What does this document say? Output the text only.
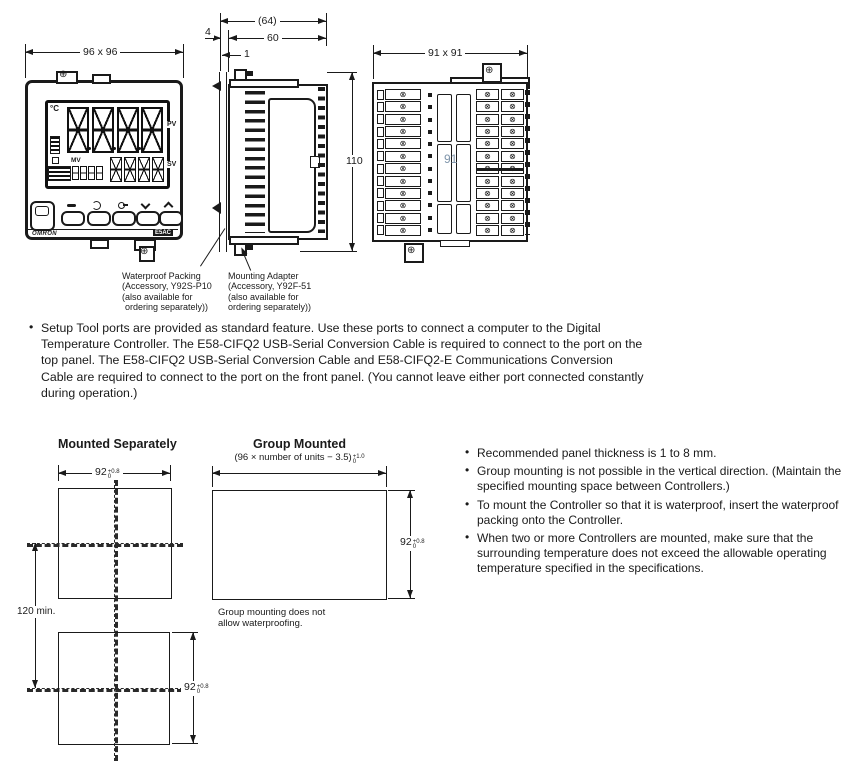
96 x 96
⊕
⊕
°C
PV
SV
MV
OMRON	E5AC
(64)
60
4
1
110
91 x 91
⊕
⊗
⊗
⊗
⊗
⊗
⊗
⊗
⊗
⊗
⊗
⊗
⊗
91
⊗
⊗
⊗
⊗
⊗
⊗
⊗
⊗
⊗
⊗
⊗
⊗
⊗
⊗
⊗
⊗
⊗
⊗
⊗
⊗
⊗
⊗
⊕
Waterproof Packing
(Accessory, Y92S-P10
(also available for
ordering separately))
Mounting Adapter
(Accessory, Y92F-51
(also available for
ordering separately))
• Setup Tool ports are provided as standard feature. Use these ports to connect a computer to the Digital Temperature Controller. The E58-CIFQ2 USB-Serial Conversion Cable is required to connect to the port on the top panel. The E58-CIFQ2 USB-Serial Conversion Cable and E58-CIFQ2-E Communications Conversion Cable are required to connect to the port on the front panel. (You cannot leave either port connected constantly during operation.)
Mounted Separately
92+0.8
0
120 min.
92+0.8
0
Group Mounted
(96 × number of units − 3.5)+1.0
0
92+0.8
0
Group mounting does not
allow waterproofing.
• Recommended panel thickness is 1 to 8 mm.
• Group mounting is not possible in the vertical direction. (Maintain the specified mounting space between Controllers.)
• To mount the Controller so that it is waterproof, insert the waterproof packing onto the Controller.
• When two or more Controllers are mounted, make sure that the surrounding temperature does not exceed the allowable operating temperature specified in the specifications.
